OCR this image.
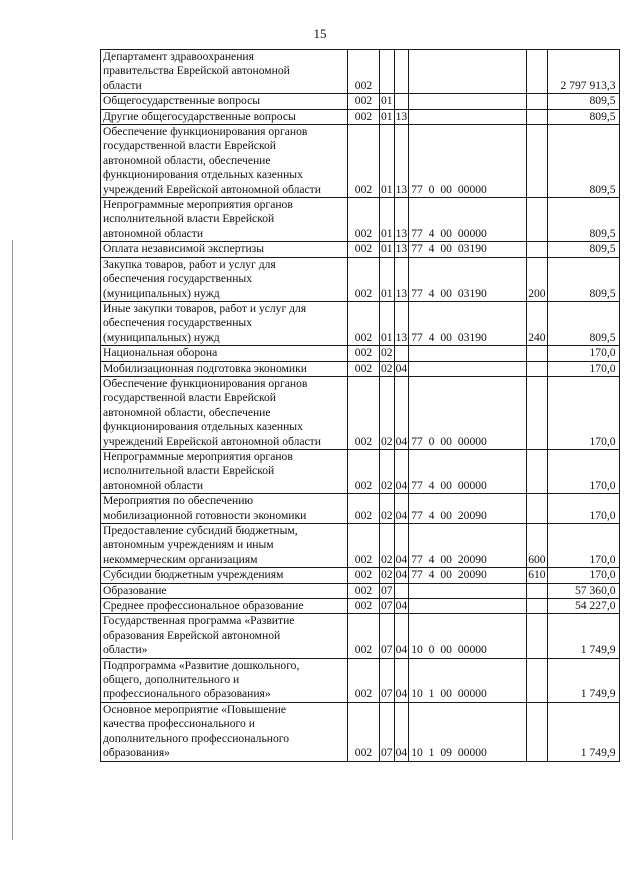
15
Департамент здравоохранения
правительства Еврейской автономной
области	002					2 797 913,3

Общегосударственные вопросы	002	01				809,5

Другие общегосударственные вопросы	002	01	13			809,5

Обеспечение функционирования органов
государственной власти Еврейской
автономной области, обеспечение
функционирования отдельных казенных
учреждений Еврейской автономной области	002	01	13	77 0 00 00000		809,5

Непрограммные мероприятия органов
исполнительной власти Еврейской
автономной области	002	01	13	77 4 00 00000		809,5

Оплата независимой экспертизы	002	01	13	77 4 00 03190		809,5

Закупка товаров, работ и услуг для
обеспечения государственных
(муниципальных) нужд	002	01	13	77 4 00 03190	200	809,5

Иные закупки товаров, работ и услуг для
обеспечения государственных
(муниципальных) нужд	002	01	13	77 4 00 03190	240	809,5

Национальная оборона	002	02				170,0

Мобилизационная подготовка экономики	002	02	04			170,0

Обеспечение функционирования органов
государственной власти Еврейской
автономной области, обеспечение
функционирования отдельных казенных
учреждений Еврейской автономной области	002	02	04	77 0 00 00000		170,0

Непрограммные мероприятия органов
исполнительной власти Еврейской
автономной области	002	02	04	77 4 00 00000		170,0

Мероприятия по обеспечению
мобилизационной готовности экономики	002	02	04	77 4 00 20090		170,0

Предоставление субсидий бюджетным,
автономным учреждениям и иным
некоммерческим организациям	002	02	04	77 4 00 20090	600	170,0

Субсидии бюджетным учреждениям	002	02	04	77 4 00 20090	610	170,0

Образование	002	07				57 360,0

Среднее профессиональное образование	002	07	04			54 227,0

Государственная программа «Развитие
образования Еврейской автономной
области»	002	07	04	10 0 00 00000		1 749,9

Подпрограмма «Развитие дошкольного,
общего, дополнительного и
профессионального образования»	002	07	04	10 1 00 00000		1 749,9

Основное мероприятие «Повышение
качества профессионального и
дополнительного профессионального
образования»	002	07	04	10 1 09 00000		1 749,9
